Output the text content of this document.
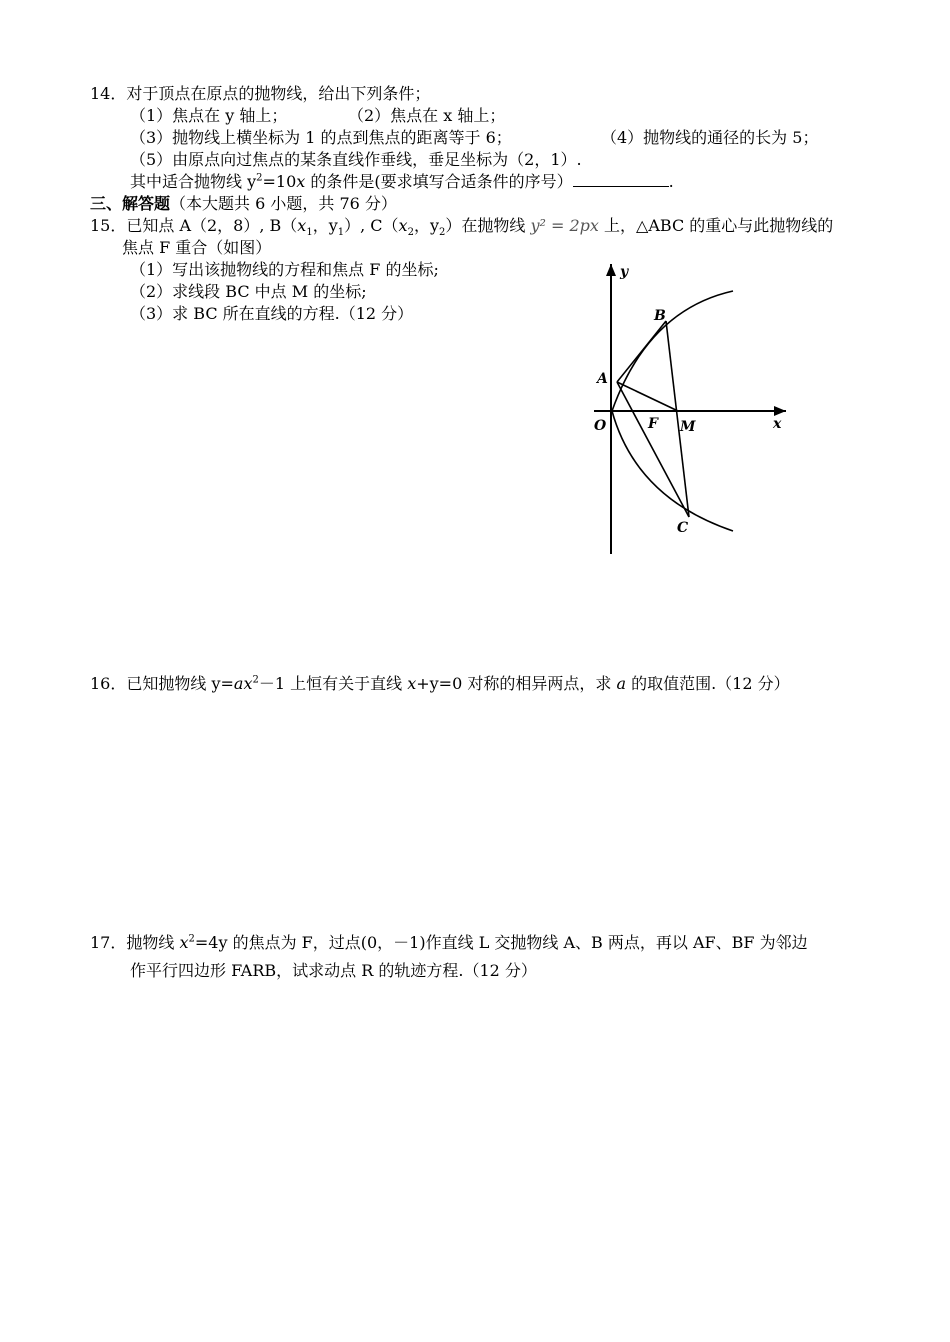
14．对于顶点在原点的抛物线，给出下列条件；
（1）焦点在 y 轴上；	（2）焦点在 x 轴上；
（3）抛物线上横坐标为 1 的点到焦点的距离等于 6；	（4）抛物线的通径的长为 5；
（5）由原点向过焦点的某条直线作垂线，垂足坐标为（2，1）.
其中适合抛物线 $y^2=10x$ 的条件是(要求填写合适条件的序号）	.
三、解答题（本大题共 6 小题，共 76 分）
15．已知点 A（2，8）, $B(x_1$，$y_1$）, $C(x_2$，$y_2$）在抛物线 y² = 2px 上，△ABC 的重心与此抛物线的
焦点 F 重合（如图）
（1）写出该抛物线的方程和焦点 F 的坐标;
（2）求线段 BC 中点 M 的坐标;
（3）求 BC 所在直线的方程.（12 分）
y
x
O
A
B
C
F M
16．已知抛物线 $y=ax^2-1$ 上恒有关于直线 x+y=0 对称的相异两点，求 a 的取值范围.（12 分）
17．抛物线 $x^2=4y$ 的焦点为 F，过点(0，－1)作直线 L 交抛物线 A、B 两点，再以 AF、BF 为邻边
作平行四边形 FARB，试求动点 R 的轨迹方程.（12 分）
